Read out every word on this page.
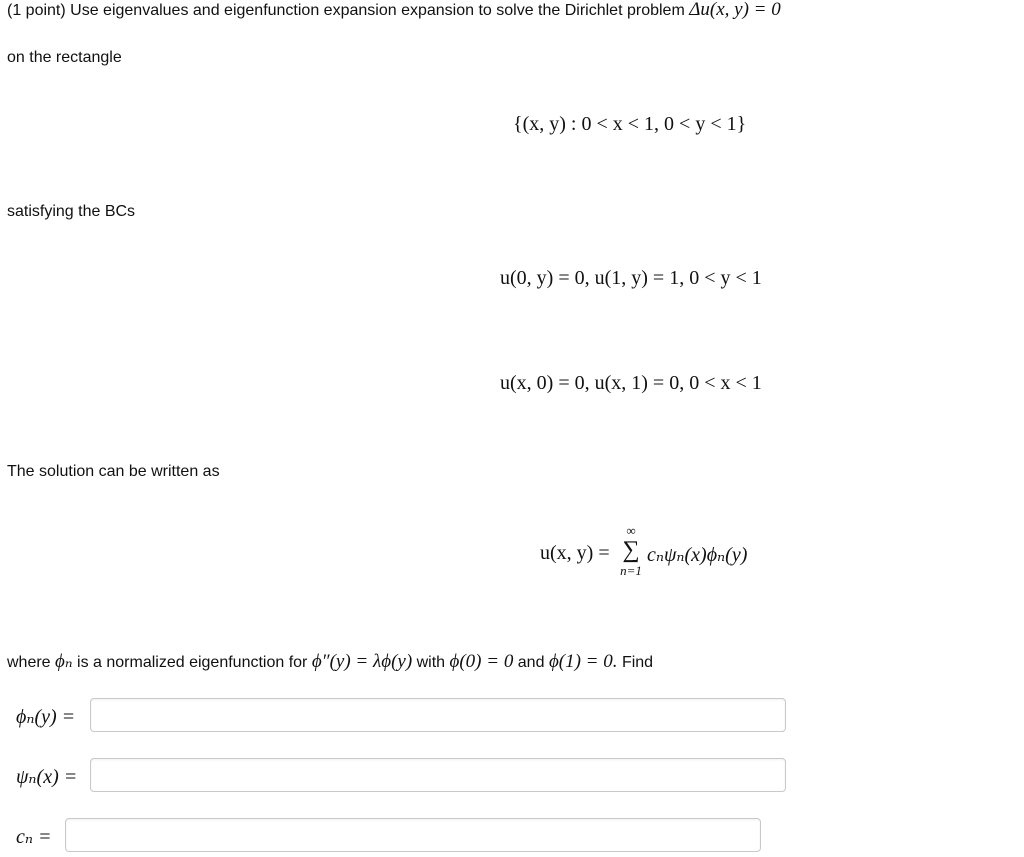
(1 point) Use eigenvalues and eigenfunction expansion expansion to solve the Dirichlet problem Δu(x, y) = 0
on the rectangle
{(x, y) : 0 < x < 1, 0 < y < 1}
satisfying the BCs
u(0, y) = 0, u(1, y) = 1, 0 < y < 1
u(x, 0) = 0, u(x, 1) = 0, 0 < x < 1
The solution can be written as
u(x, y) =
∞
∑
n=1
cₙψₙ(x)ϕₙ(y)
where ϕₙ is a normalized eigenfunction for ϕ″(y) = λϕ(y) with ϕ(0) = 0 and ϕ(1) = 0. Find
ϕₙ(y) =
ψₙ(x) =
cₙ =
